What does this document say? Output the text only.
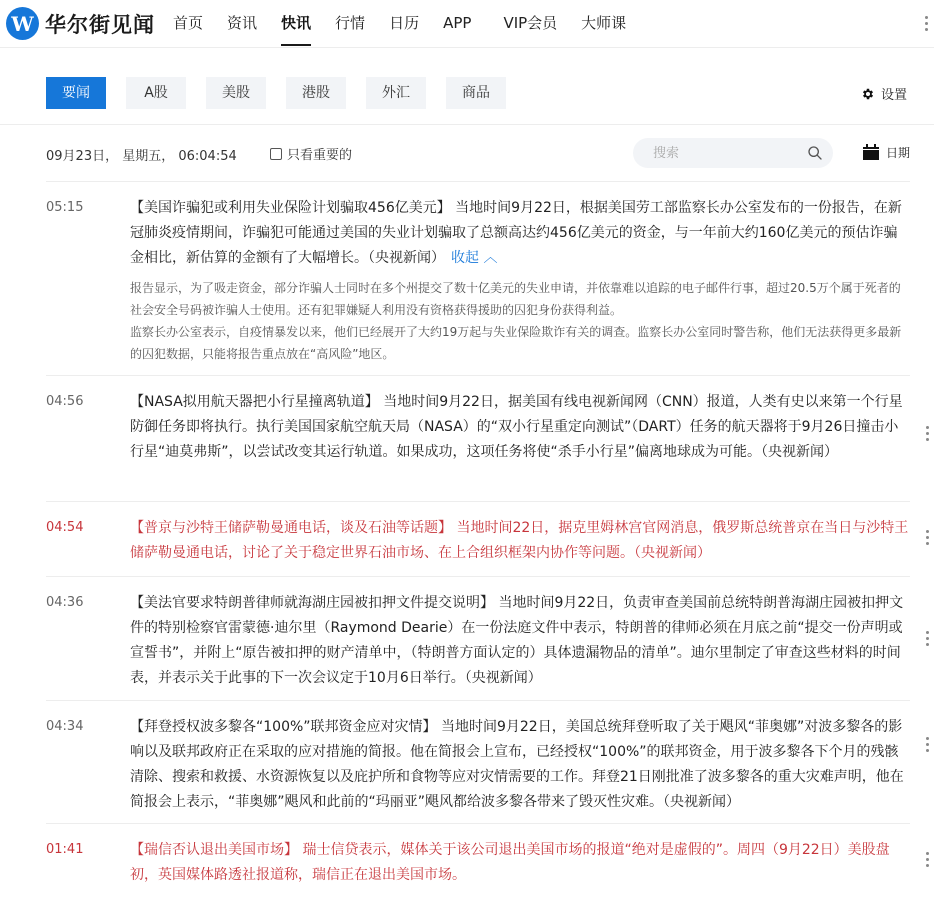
W 华尔街见闻 首页 资讯 快讯 行情 日历 APP VIP会员 大师课
要闻	A股	美股	港股	外汇	商品	设置
09月23日， 星期五， 06:04:54	只看重要的
搜索	日期
05:15	【美国诈骗犯或利用失业保险计划骗取456亿美元】 当地时间9月22日，根据美国劳工部监察长办公室发布的一份报告，在新冠肺炎疫情期间，诈骗犯可能通过美国的失业计划骗取了总额高达约456亿美元的资金，与一年前大约160亿美元的预估诈骗金相比，新估算的金额有了大幅增长。（央视新闻） 收起 ︿
报告显示，为了吸走资金，部分诈骗人士同时在多个州提交了数十亿美元的失业申请，并依靠难以追踪的电子邮件行事，超过20.5万个属于死者的社会安全号码被诈骗人士使用。还有犯罪嫌疑人利用没有资格获得援助的囚犯身份获得利益。
监察长办公室表示，自疫情暴发以来，他们已经展开了大约19万起与失业保险欺诈有关的调查。监察长办公室同时警告称，他们无法获得更多最新的囚犯数据，只能将报告重点放在“高风险”地区。
04:56	【NASA拟用航天器把小行星撞离轨道】 当地时间9月22日，据美国有线电视新闻网（CNN）报道，人类有史以来第一个行星防御任务即将执行。执行美国国家航空航天局（NASA）的“双小行星重定向测试”（DART）任务的航天器将于9月26日撞击小行星“迪莫弗斯”，以尝试改变其运行轨道。如果成功，这项任务将使“杀手小行星”偏离地球成为可能。（央视新闻）
04:54	【普京与沙特王储萨勒曼通电话，谈及石油等话题】 当地时间22日，据克里姆林宫官网消息，俄罗斯总统普京在当日与沙特王储萨勒曼通电话，讨论了关于稳定世界石油市场、在上合组织框架内协作等问题。（央视新闻）
04:36	【美法官要求特朗普律师就海湖庄园被扣押文件提交说明】 当地时间9月22日，负责审查美国前总统特朗普海湖庄园被扣押文件的特别检察官雷蒙德·迪尔里（Raymond Dearie）在一份法庭文件中表示，特朗普的律师必须在月底之前“提交一份声明或宣誓书”，并附上“原告被扣押的财产清单中，（特朗普方面认定的）具体遗漏物品的清单”。迪尔里制定了审查这些材料的时间表，并表示关于此事的下一次会议定于10月6日举行。（央视新闻）
04:34	【拜登授权波多黎各“100%”联邦资金应对灾情】 当地时间9月22日，美国总统拜登听取了关于飓风“菲奥娜”对波多黎各的影响以及联邦政府正在采取的应对措施的简报。他在简报会上宣布，已经授权“100%”的联邦资金，用于波多黎各下个月的残骸清除、搜索和救援、水资源恢复以及庇护所和食物等应对灾情需要的工作。拜登21日刚批准了波多黎各的重大灾难声明，他在简报会上表示，“菲奥娜”飓风和此前的“玛丽亚”飓风都给波多黎各带来了毁灭性灾难。（央视新闻）
01:41	【瑞信否认退出美国市场】 瑞士信贷表示，媒体关于该公司退出美国市场的报道“绝对是虚假的”。周四（9月22日）美股盘初，英国媒体路透社报道称，瑞信正在退出美国市场。
